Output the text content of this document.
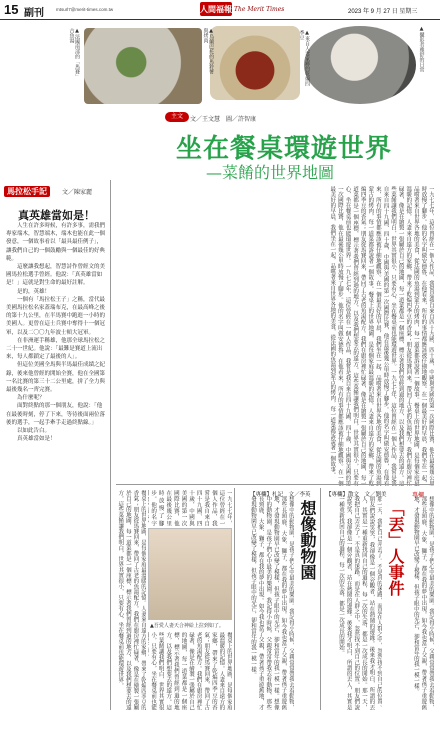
15 副刊	mtsurl7@merit-times.com.tw	人間福報 The Merit Times	2023 年 9 月 27 日 星期三
▲法國南部的「馬賽」古魚湯	▲烏蘭巴托的馬鈴薯與烤肉	▲來自人妻家鄉的乾煸四季豆	▲攝影者雅舒的日常
主文	文／王文慧　圖／許智康
坐在餐桌環遊世界
—菜餚的世界地圖
馬拉松手記	文／陳家麗
真英雄當如是！

人生在許多時候，有許多事，需我們專家端木，智慧端木，端木也能在此一個發意，一個故事看以「最具最佳例子」，讓我們自己的一個鼓勵與一個最佳的好典範。

這麼讓我想起，智慧詩作曾經文的美國馬拉松選手曾經。他說：「真英雄當如是！」這就是對生命的最好註解。

是的，英雄！

一個有「馬拉松王子」之稱，當代最美國馬拉松名家蓋瑞布克，在最高峰之後的第十九公里，在半馬賽中跑進一小時的美國人。更曾在這士兵賽中奪得十一個冠軍，以及二〇〇九年波士頓大冠軍。

在非洲運手稱雄，他那全球馬拉松之二十一世紀。他說：「最難是賽道上流出來，每人都鎖定了最後的人」。

但這位美國全馬與半馬最佳成績之紀錄，後來他曾經的開始全賽，他在全國第一名比賽的第三十二公里處，拼了全力與最後幾名一齊完賽。

為什麼呢？

面對終點的那一個朋友，他說：「他在最後時刻，停了下來，等待後面兩位落後的選手，一起手牽手走過終點線。」

以如此告白。

真英雄當如是！	一九七七年，這位曾經在一個人作品，我嘗是我自來自四十九國、四十歲，中國與美國的第一次國際比賽，他在最後幾公里時放慢了腳步。他的名字叫做安德魯，在他看來，所有的事情都應該被仔細地觀察。在一個最美好的早晨，我們坐在一起，品嚐著來自世界各地的美食，從法國的魚湯到蒙古的烤肉，每一道菜都訴說著一個故事。餐桌上的世界地圖，是每個家庭最溫暖的記憶。人妻來自遠方的家鄉，帶來了乾煸四季豆的香氣；朋友從馬賽回來，帶回了古老的魚湯配方。我們在廚房裡忙碌著，像是在繪製一張屬於自己的地圖，每一道菜都是一個座標，標示著我們曾經到過的地方，以及我們想要去的遠方。這些菜餚讓我們明白，世界其實很小，只要有心，坐在餐桌前也能環遊世界。一九七七年，這位曾經在一個人作品，我嘗是我自來自四十九國、四十歲，中國與美國的第一次國際比賽，他在最後幾公里時放慢了腳步。他的名字叫做安德魯，在他看來，所有的事情都應該被仔細地觀察。在一個最美好的早晨，我們坐在一起，品嚐著來自世界各地的美食，從法國的魚湯到蒙古的烤肉，每一道菜都訴說著一個故事。餐桌上的世界地圖，是每個家庭最溫暖的記憶。人妻來自遠方的家鄉，帶來了乾煸四季豆的香氣；朋友從馬賽回來，帶回了古老的魚湯配方。我們在廚房裡忙碌著，像是在繪製一張屬於自己的地圖，每一道菜都是一個座標，標示著我們曾經到過的地方，以及我們想要去的遠方。這些菜餚讓我們明白，世界其實很小，只要有心，坐在餐桌前也能環遊世界。一九七七年，這位曾經在一個人作品，我嘗是我自來自四十九國、四十歲，中國與美國的第一次國際比賽，他在最後幾公里時放慢了腳步。他的名字叫做安德魯，在他看來，所有的事情都應該被仔細地觀察。在一個最美好的早晨，我們坐在一起，品嚐著來自世界各地的美食，從法國的魚湯到蒙古的烤肉，每一道菜都訴說著一個故事。
餐桌上的世界地圖，是每個家庭最溫暖的記憶。人妻來自遠方的家鄉，帶來了乾煸四季豆的香氣；朋友從馬賽回來，帶回了古老的魚湯配方。我們在廚房裡忙碌著，像是在繪製一張屬於自己的地圖，每一道菜都是一個座標，標示著我們曾經到過的地方，以及我們想要去的遠方。這些菜餚讓我們明白，世界其實很小，只要有心，坐在餐桌前也能環遊世界。	一九七七年，這位曾經在一個人作品，我嘗是我自來自四十九國、四十歲，中國與美國的第一次國際比賽，他在最後幾公里時放慢了腳步。他的名字
▲吾愛人妻天合神給上拉到如了。
餐桌上的世界地圖，是每個家庭最溫暖的記憶。人妻來自遠方的家鄉，帶來了乾煸四季豆的香氣；朋友從馬賽回來，帶回了古老的魚湯配方。我們在廚房裡忙碌著，像是在繪製一張屬於自己的地圖，每一道菜都是一個座標，標示著我們曾經到過的地方，以及我們想要去的遠方。這些菜餚讓我們明白，世界其實很小，只要有心，坐在餐桌前也能	想像中的動物園，是孩子們心中最美的樂園。我記得小時候，父親常常帶我去看動物，那些長頸鹿、大象、獅子，都在我的夢中出現。如今我也當了父親，帶著孩子重遊舊地，才發現動物園早已改變了模樣，但孩子眼中的光芒，卻和當年的我一模一樣。想像中的動物園，是孩子們心中最美的樂園。我記得小時候，父親常常帶我去看動物，那些長頸鹿、大象、獅子，都在我的夢中出現。如今我也當了父親，帶著孩子重遊舊地，才發現動物園早已改變了模樣，但孩子眼中的光芒，卻和當年的我一模一樣。	想像動物園
【專欄】札記　文／李英
那一天，我把自己弄丟了。不是真的迷路，而是在人群之中，忽然找不到自己的位置。朋友們說說笑笑，我卻像是一個旁觀者，站在熱鬧的邊緣。後來我才明白，所謂的丟人，其實是一種重新找回自己的過程，每一次的失落，都是一次成長的開始。那一天，我把自己弄丟了。不是真的迷路，而是在人群之中，忽然找不到自己的位置。朋友們說說笑笑，我卻像是一個旁觀者，站在熱鬧的邊緣。後來我才明白，所謂的丟人，其實是一種重新找回自己的過程，每一次的失落，都是一次成長的開始。	「丟」人事件
【專欄】散文　文／劉美
想像中的動物園，是孩子們心中最美的樂園。我記得小時候，父親常常帶我去看動物，那些長頸鹿、大象、獅子，都在我的夢中出現。如今我也當了父親，帶著孩子重遊舊地，才發現動物園早已改變了模樣，但孩子眼中的光芒，卻和當年的我一模一樣。
專欄
